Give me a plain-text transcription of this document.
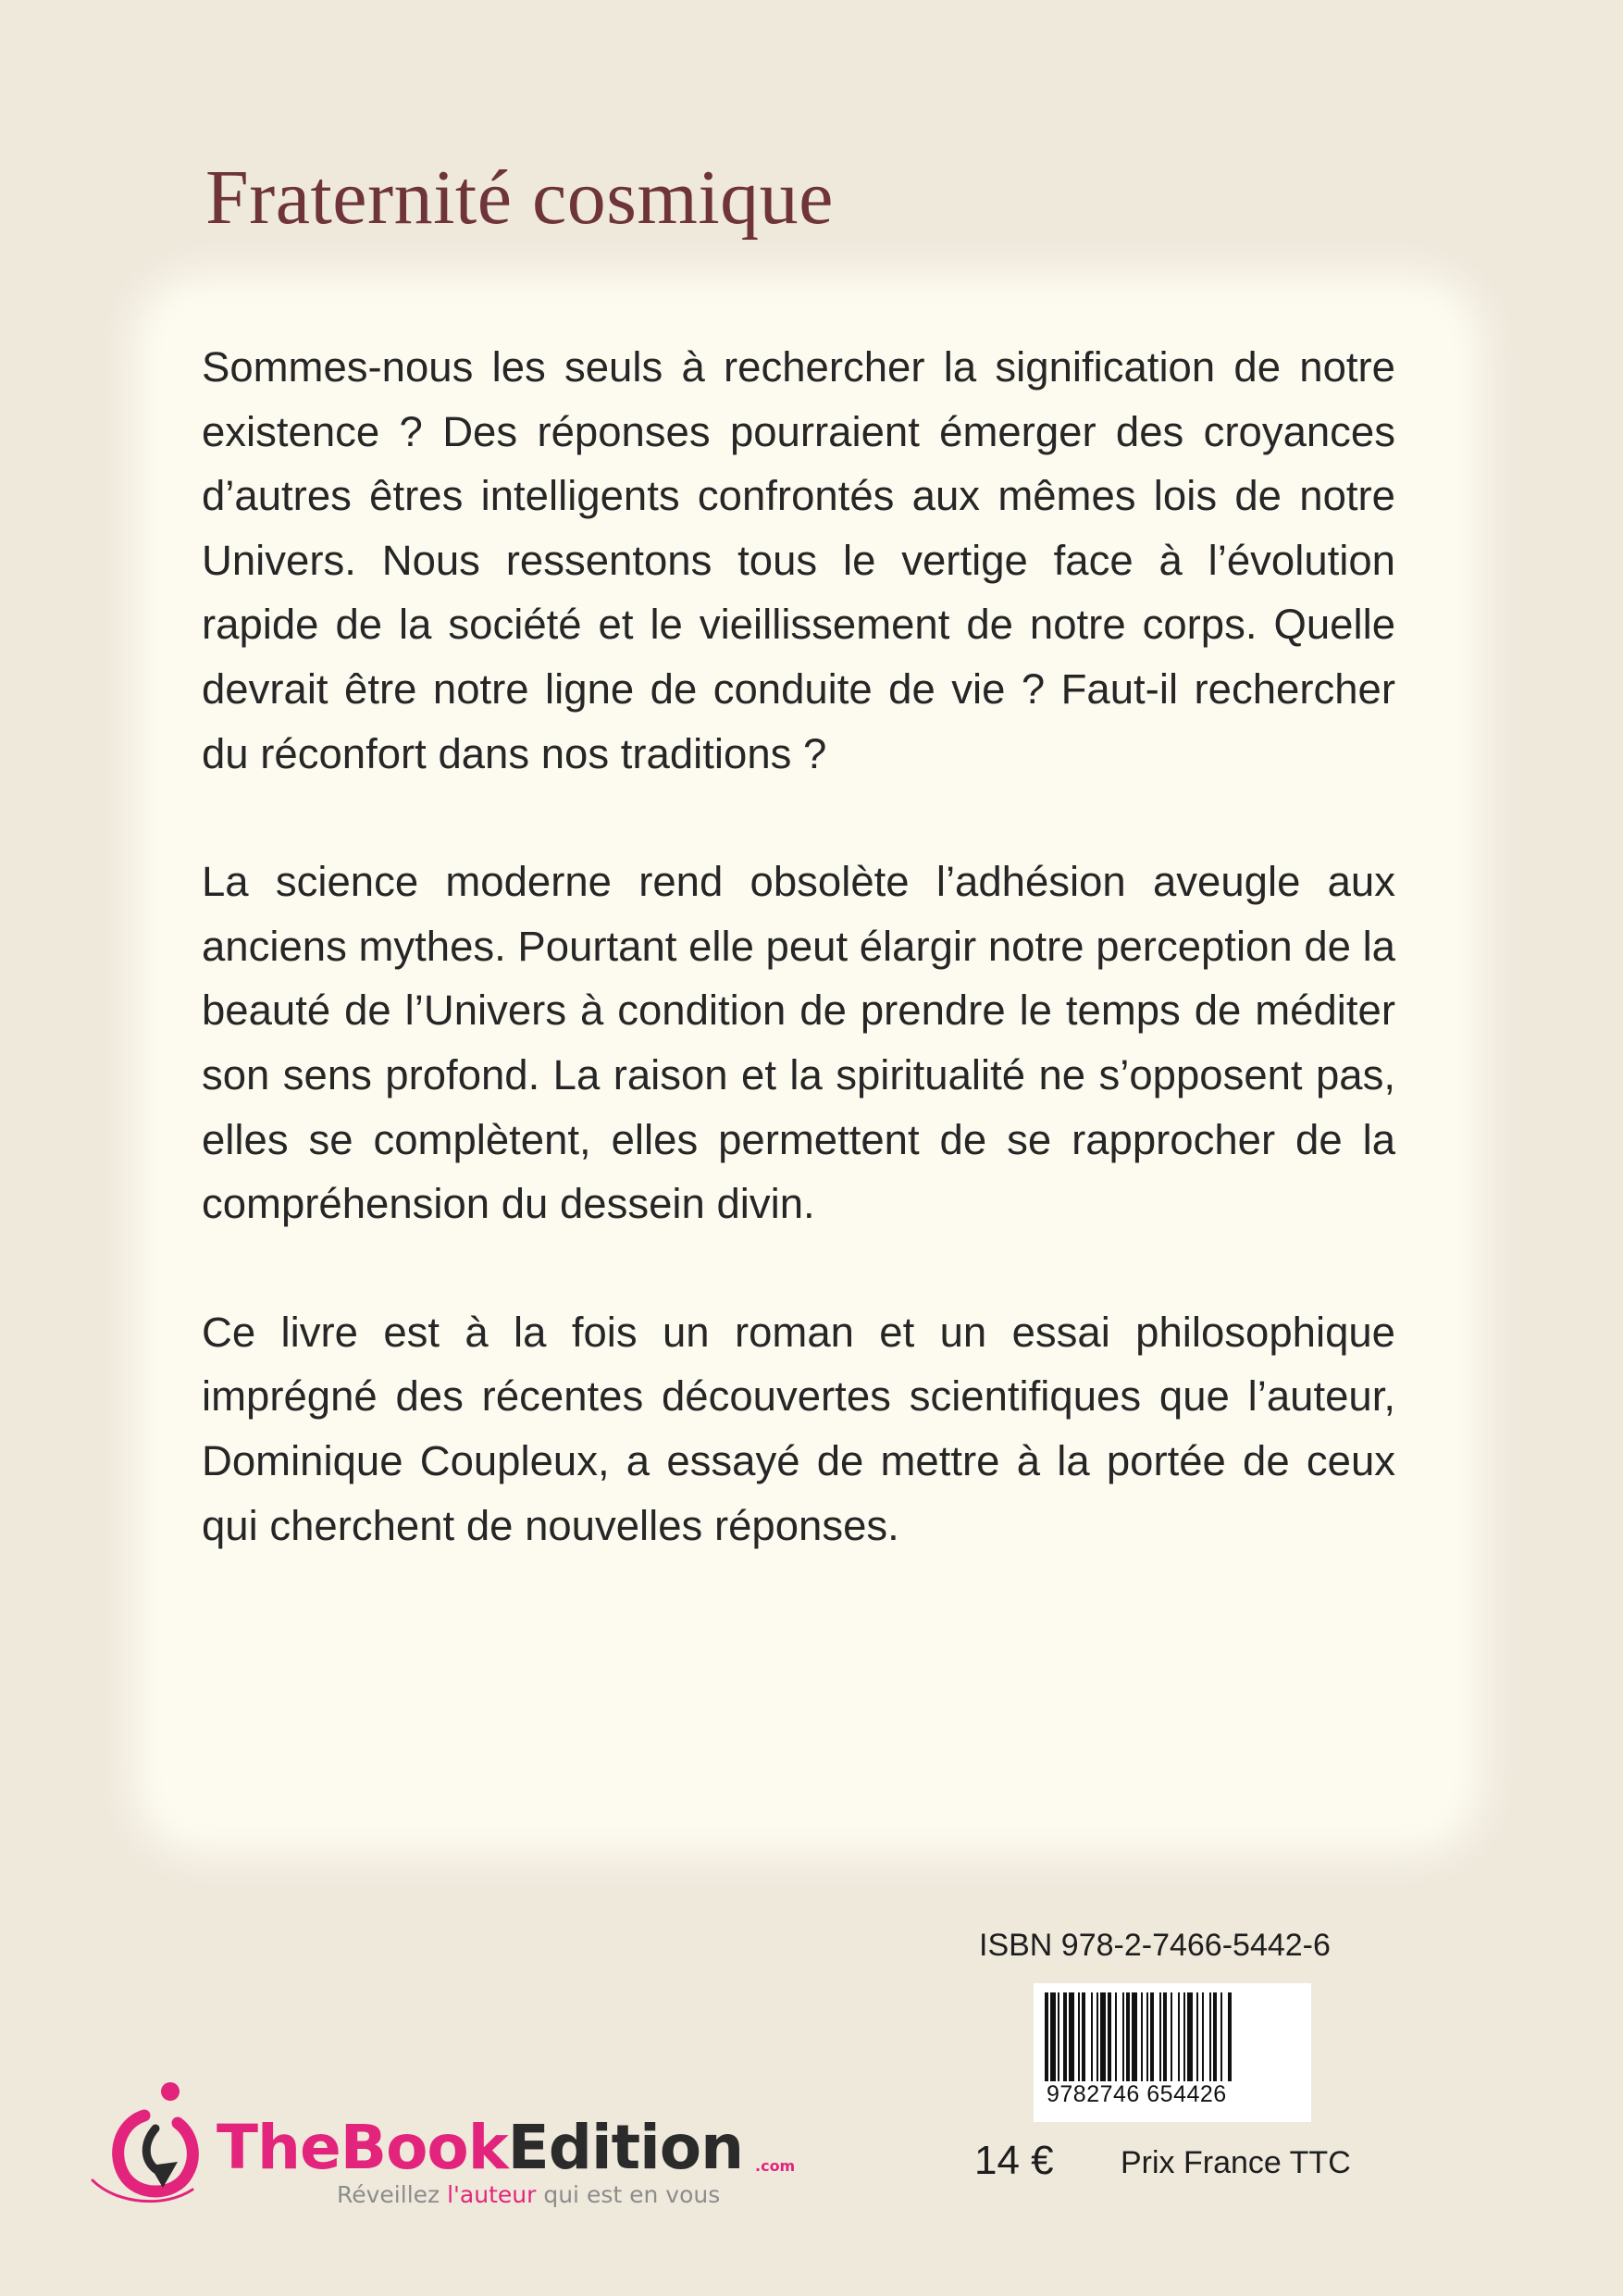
Fraternité cosmique

Sommes-nous les seuls à rechercher la signification de notre existence ? Des réponses pourraient émerger des croyances d’autres êtres intelligents confrontés aux mêmes lois de notre Univers. Nous ressentons tous le vertige face à l’évolution rapide de la société et le vieillissement de notre corps. Quelle devrait être notre ligne de conduite de vie ? Faut-il rechercher du réconfort dans nos traditions ?

La science moderne rend obsolète l’adhésion aveugle aux anciens mythes. Pourtant elle peut élargir notre perception de la beauté de l’Univers à condition de prendre le temps de méditer son sens profond. La raison et la spiritualité ne s’opposent pas, elles se complètent, elles permettent de se rapprocher de la compréhension du dessein divin.

Ce livre est à la fois un roman et un essai philosophique imprégné des récentes découvertes scientifiques que l’auteur, Dominique Coupleux, a essayé de mettre à la portée de ceux qui cherchent de nouvelles réponses.

ISBN 978-2-7466-5442-6
9782746 654426
14 € Prix France TTC
TheBookEdition .com
Réveillez l'auteur qui est en vous
